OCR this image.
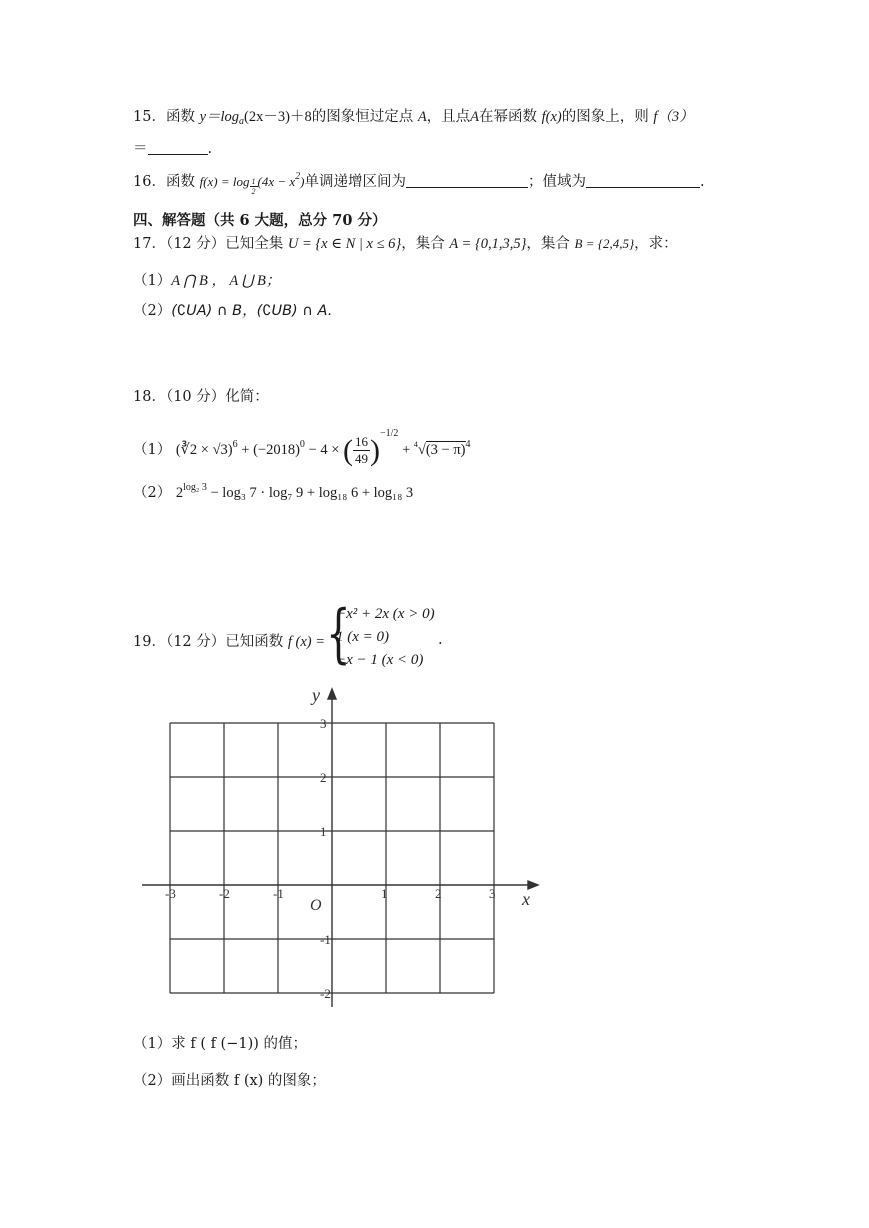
15．函数 $y=\log_a(2x-3)+8$的图象恒过定点 A，且点A在幂函数 f(x)的图象上，则 f（3）
＝	.
16．函数 $f(x) = \log \frac{1}{2} (4x - x^2)$单调递增区间为	；值域为	.
四、解答题（共 6 大题，总分 70 分）
17．（12 分）已知全集 U = {x ∈ N | x ≤ 6}，集合 A = {0,1,3,5}，集合 B = {2,4,5}，求：
（1）A ⋂ B ， A ⋃ B；
（2）(∁UA) ∩ B，(∁UB) ∩ A.
18．（10 分）化简：
（1） (∛2 × $√3)^6 + (-2018)^0 - 4$ × ( $\frac{16}{49} )^{-1/2} + ^4√(3 - \pi)^4$
（2） $2^{log_2 3} - \log_3$ 7 · log₇ 9 + log₁₈ 6 + log₁₈ 3
19．（12 分）已知函数 f (x) = {
−x² + 2x (x > 0)
1 (x = 0)
−x − 1 (x < 0)
.
-3	-2	-1	1	2	3
3
2
1
-1
-2
x
y
O
（1）求 f ( f (−1)) 的值；
（2）画出函数 f (x) 的图象；
